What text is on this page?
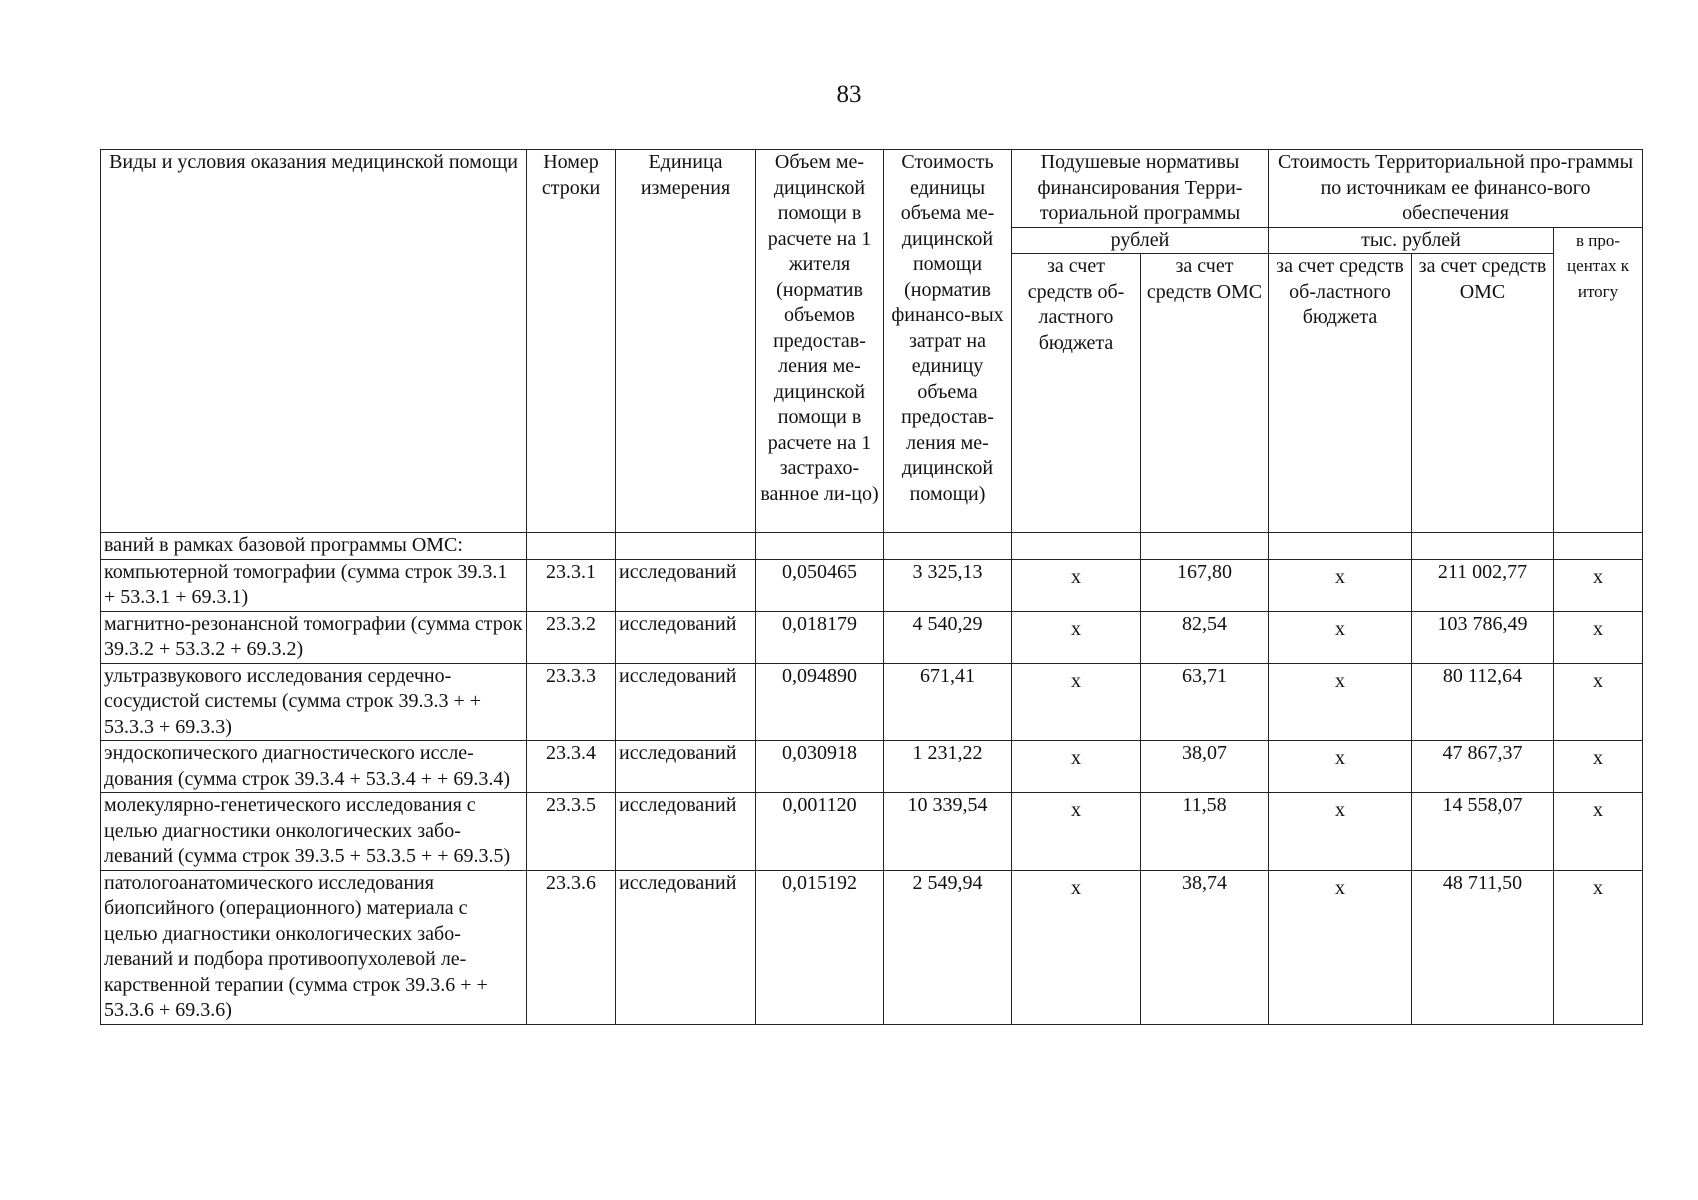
83
Виды и условия оказания медицинской помощи	Номер строки	Единица измерения	Объем ме-дицинской помощи в расчете на 1 жителя (норматив объемов предостав-ления ме-дицинской помощи в расчете на 1 застрахо-ванное ли-цо)	Стоимость единицы объема ме-дицинской помощи (норматив финансо-вых затрат на единицу объема предостав-ления ме-дицинской помощи)	Подушевые нормативы финансирования Терри-ториальной программы		Стоимость Территориальной про-граммы по источникам ее финансо-вого обеспечения		
					рублей		тыс. рублей		в про-центах к итогу
					за счет средств об-ластного бюджета	за счет средств ОМС	за счет средств об-ластного бюджета	за счет средств ОМС	
ваний в рамках базовой программы ОМС:									
компьютерной томографии (сумма строк 39.3.1 + 53.3.1 + 69.3.1)	23.3.1	исследований	0,050465	3 325,13	х	167,80	х	211 002,77	х
магнитно-резонансной томографии (сумма строк 39.3.2 + 53.3.2 + 69.3.2)	23.3.2	исследований	0,018179	4 540,29	х	82,54	х	103 786,49	х
ультразвукового исследования сердечно-сосудистой системы (сумма строк 39.3.3 + + 53.3.3 + 69.3.3)	23.3.3	исследований	0,094890	671,41	х	63,71	х	80 112,64	х
эндоскопического диагностического иссле-дования (сумма строк 39.3.4 + 53.3.4 + + 69.3.4)	23.3.4	исследований	0,030918	1 231,22	х	38,07	х	47 867,37	х
молекулярно-генетического исследования с целью диагностики онкологических забо-леваний (сумма строк 39.3.5 + 53.3.5 + + 69.3.5)	23.3.5	исследований	0,001120	10 339,54	х	11,58	х	14 558,07	х
патологоанатомического исследования биопсийного (операционного) материала с целью диагностики онкологических забо-леваний и подбора противоопухолевой ле-карственной терапии (сумма строк 39.3.6 + + 53.3.6 + 69.3.6)	23.3.6	исследований	0,015192	2 549,94	х	38,74	х	48 711,50	х
